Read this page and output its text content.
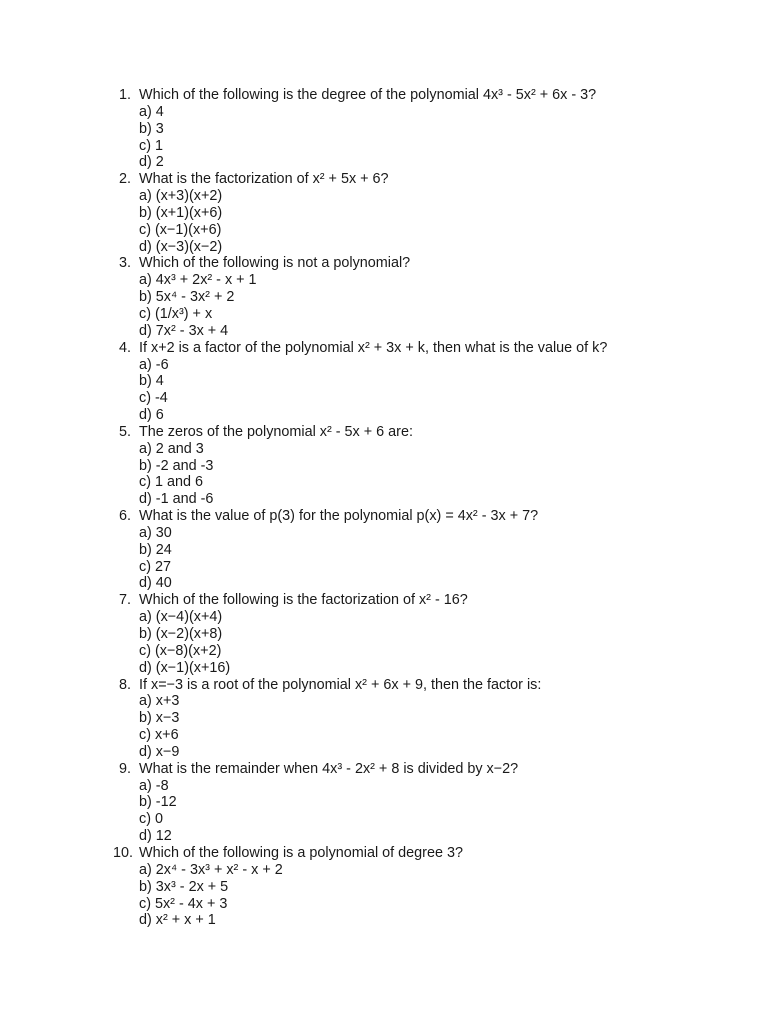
1. Which of the following is the degree of the polynomial 4x³ - 5x² + 6x - 3?
a) 4
b) 3
c) 1
d) 2
2. What is the factorization of x² + 5x + 6?
a) (x+3)(x+2)
b) (x+1)(x+6)
c) (x−1)(x+6)
d) (x−3)(x−2)
3. Which of the following is not a polynomial?
a) 4x³ + 2x² - x + 1
b) 5x⁴ - 3x² + 2
c) (1/x³) + x
d) 7x² - 3x + 4
4. If x+2 is a factor of the polynomial x² + 3x + k, then what is the value of k?
a) -6
b) 4
c) -4
d) 6
5. The zeros of the polynomial x² - 5x + 6 are:
a) 2 and 3
b) -2 and -3
c) 1 and 6
d) -1 and -6
6. What is the value of p(3) for the polynomial p(x) = 4x² - 3x + 7?
a) 30
b) 24
c) 27
d) 40
7. Which of the following is the factorization of x² - 16?
a) (x−4)(x+4)
b) (x−2)(x+8)
c) (x−8)(x+2)
d) (x−1)(x+16)
8. If x=−3 is a root of the polynomial x² + 6x + 9, then the factor is:
a) x+3
b) x−3
c) x+6
d) x−9
9. What is the remainder when 4x³ - 2x² + 8 is divided by x−2?
a) -8
b) -12
c) 0
d) 12
10. Which of the following is a polynomial of degree 3?
a) 2x⁴ - 3x³ + x² - x + 2
b) 3x³ - 2x + 5
c) 5x² - 4x + 3
d) x² + x + 1
